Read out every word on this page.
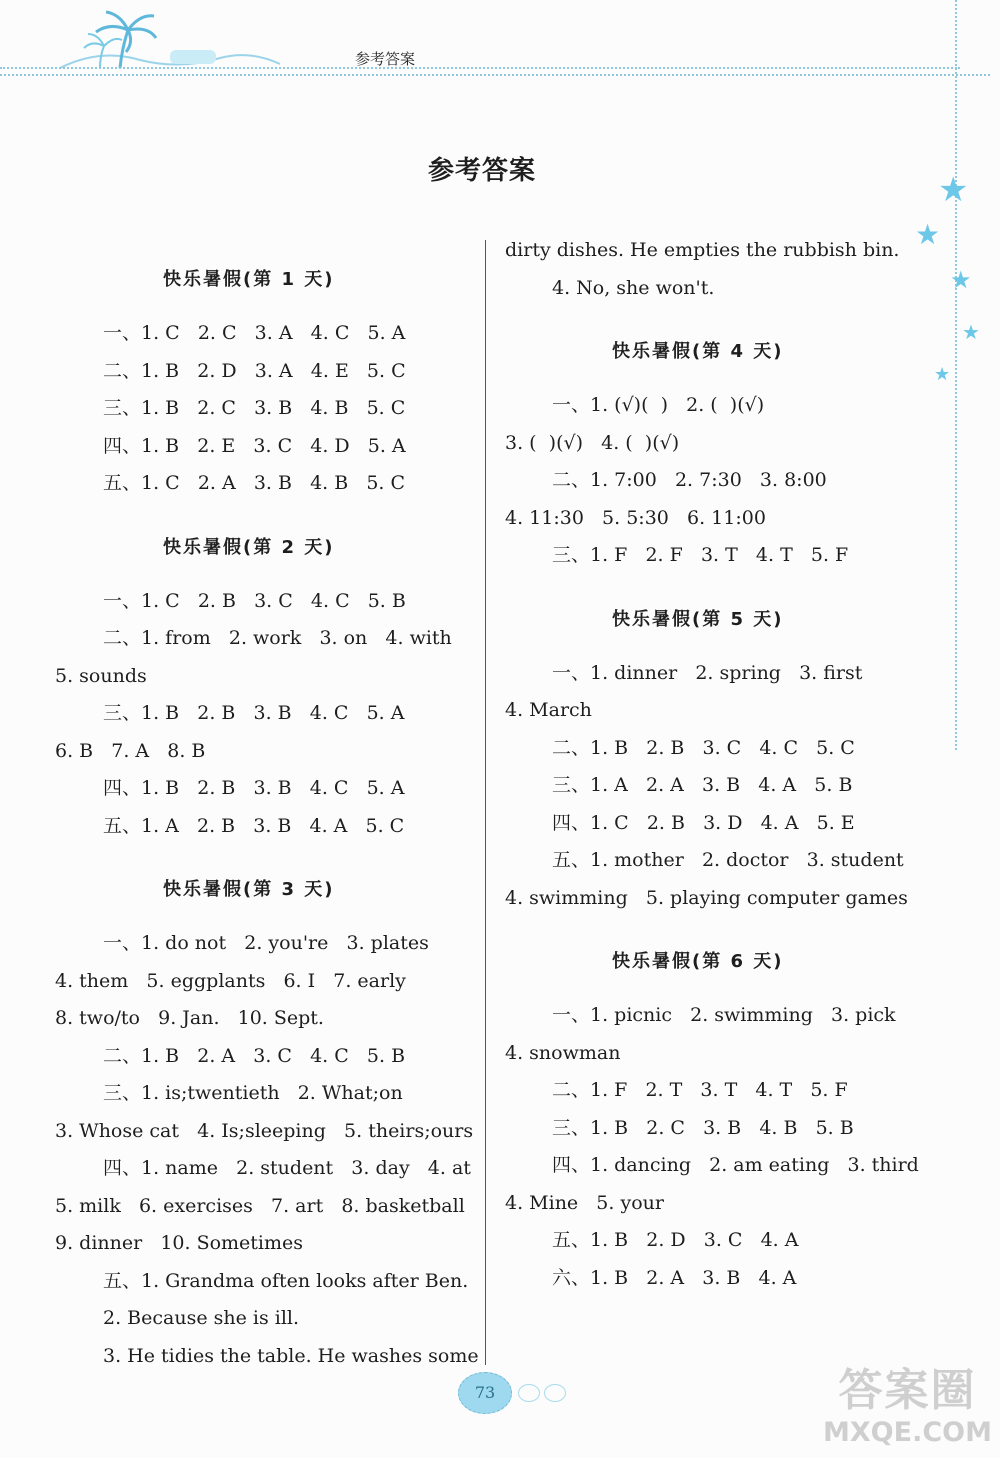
参考答案
★
★
★
★
★
参考答案
快乐暑假(第 1 天)
一、1. C   2. C   3. A   4. C   5. A
二、1. B   2. D   3. A   4. E   5. C
三、1. B   2. C   3. B   4. B   5. C
四、1. B   2. E   3. C   4. D   5. A
五、1. C   2. A   3. B   4. B   5. C
快乐暑假(第 2 天)
一、1. C   2. B   3. C   4. C   5. B
二、1. from   2. work   3. on   4. with
5. sounds
三、1. B   2. B   3. B   4. C   5. A
6. B   7. A   8. B
四、1. B   2. B   3. B   4. C   5. A
五、1. A   2. B   3. B   4. A   5. C
快乐暑假(第 3 天)
一、1. do not   2. you're   3. plates
4. them   5. eggplants   6. I   7. early
8. two/to   9. Jan.   10. Sept.
二、1. B   2. A   3. C   4. C   5. B
三、1. is;twentieth   2. What;on
3. Whose cat   4. Is;sleeping   5. theirs;ours
四、1. name   2. student   3. day   4. at
5. milk   6. exercises   7. art   8. basketball
9. dinner   10. Sometimes
五、1. Grandma often looks after Ben.
2. Because she is ill.
3. He tidies the table. He washes some
dirty dishes. He empties the rubbish bin.
4. No, she won't.
快乐暑假(第 4 天)
一、1. (√)(  )   2. (  )(√)
3. (  )(√)   4. (  )(√)
二、1. 7:00   2. 7:30   3. 8:00
4. 11:30   5. 5:30   6. 11:00
三、1. F   2. F   3. T   4. T   5. F
快乐暑假(第 5 天)
一、1. dinner   2. spring   3. first
4. March
二、1. B   2. B   3. C   4. C   5. C
三、1. A   2. A   3. B   4. A   5. B
四、1. C   2. B   3. D   4. A   5. E
五、1. mother   2. doctor   3. student
4. swimming   5. playing computer games
快乐暑假(第 6 天)
一、1. picnic   2. swimming   3. pick
4. snowman
二、1. F   2. T   3. T   4. T   5. F
三、1. B   2. C   3. B   4. B   5. B
四、1. dancing   2. am eating   3. third
4. Mine   5. your
五、1. B   2. D   3. C   4. A
六、1. B   2. A   3. B   4. A
73	答案圈
MXQE.COM
